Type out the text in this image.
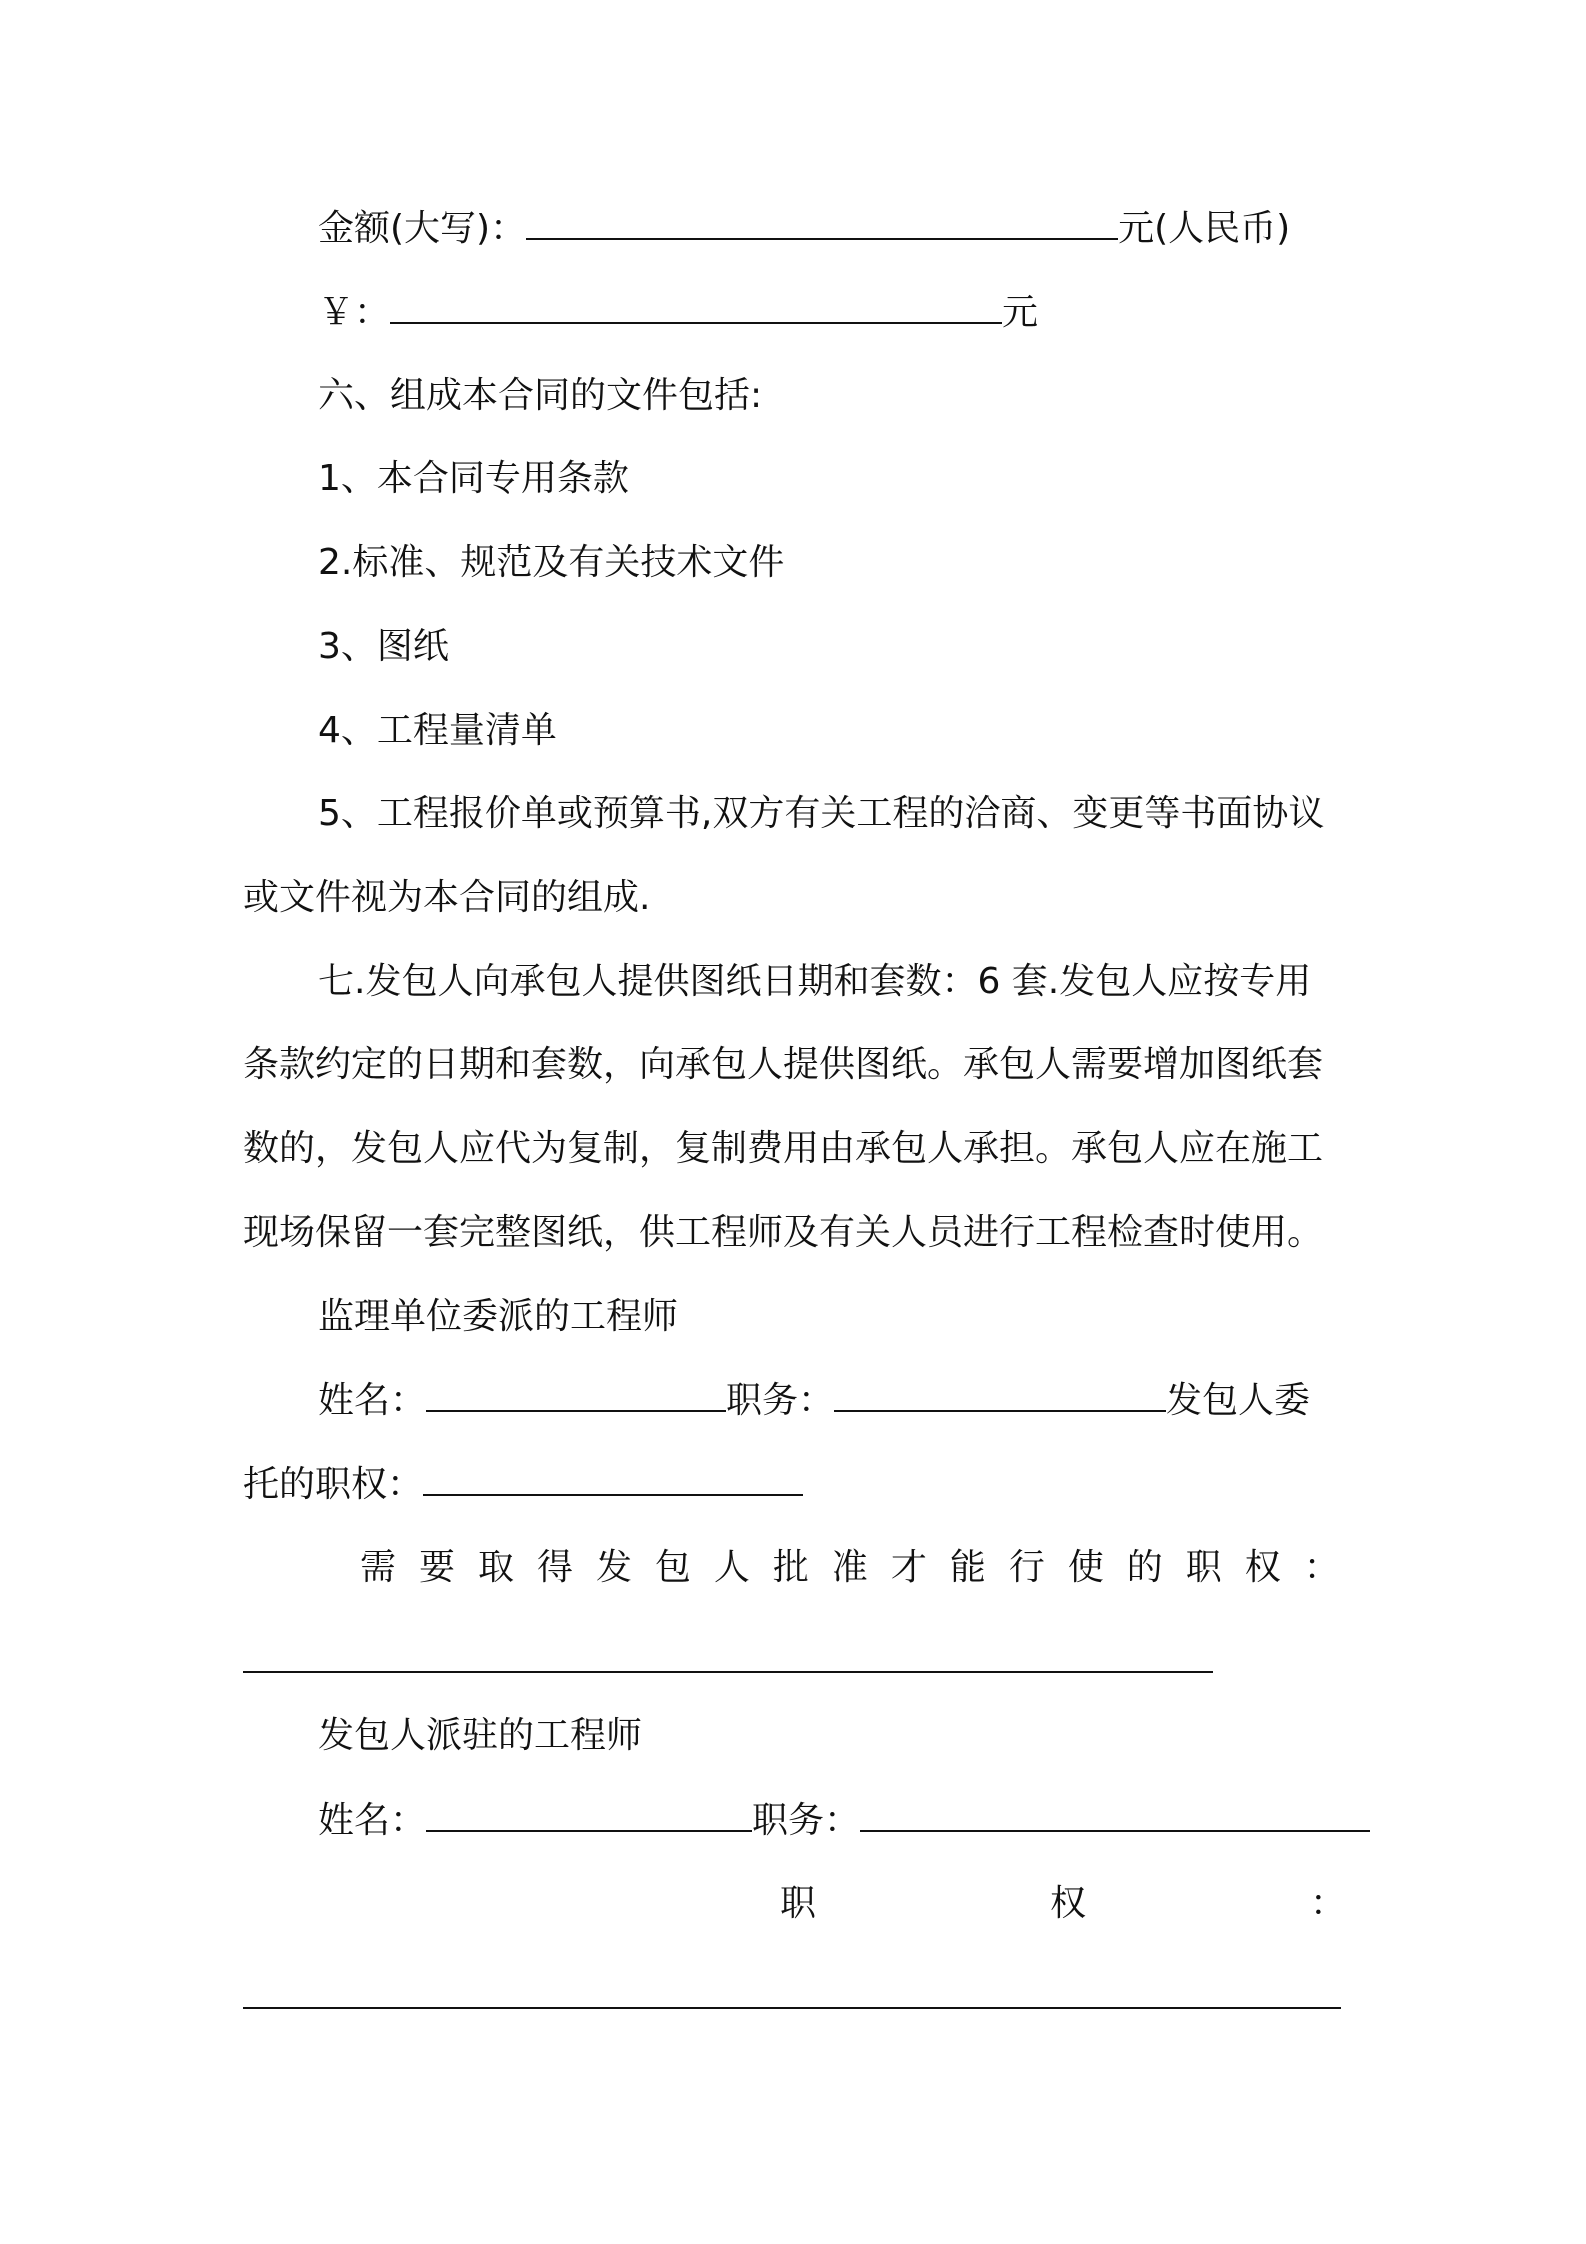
金额(大写)：	元(人民币)
￥：	元
六、组成本合同的文件包括:
1、本合同专用条款
2.标准、规范及有关技术文件
3、图纸
4、工程量清单
5、工程报价单或预算书,双方有关工程的洽商、变更等书面协议
或文件视为本合同的组成.
七.发包人向承包人提供图纸日期和套数：6 套.发包人应按专用
条款约定的日期和套数，向承包人提供图纸。承包人需要增加图纸套
数的，发包人应代为复制，复制费用由承包人承担。承包人应在施工
现场保留一套完整图纸，供工程师及有关人员进行工程检查时使用。
监理单位委派的工程师
姓名：	职务：	发包人委
托的职权：
需 要 取 得 发 包 人 批 准 才 能 行 使 的 职 权 ：
发包人派驻的工程师
姓名：	职务：
职	权	：
